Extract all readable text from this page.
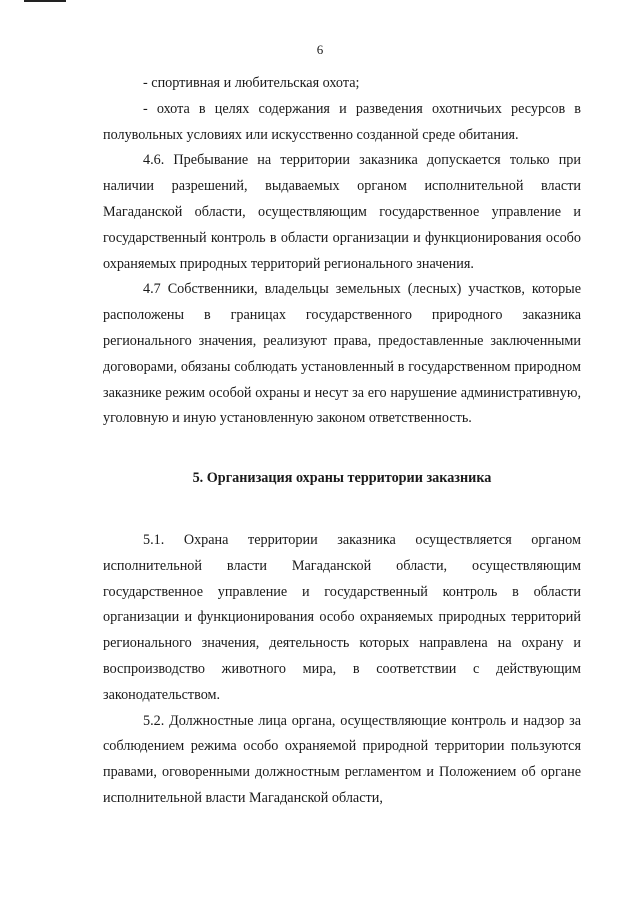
6

- спортивная и любительская охота;

- охота в целях содержания и разведения охотничьих ресурсов в полувольных условиях или искусственно созданной среде обитания.

4.6. Пребывание на территории заказника допускается только при наличии разрешений, выдаваемых органом исполнительной власти Магаданской области, осуществляющим государственное управление и государственный контроль в области организации и функционирования особо охраняемых природных территорий регионального значения.

4.7 Собственники, владельцы земельных (лесных) участков, которые расположены в границах государственного природного заказника регионального значения, реализуют права, предоставленные заключенными договорами, обязаны соблюдать установленный в государственном природном заказнике режим особой охраны и несут за его нарушение административную, уголовную и иную установленную законом ответственность.

5. Организация охраны территории заказника

5.1. Охрана территории заказника осуществляется органом исполнительной власти Магаданской области, осуществляющим государственное управление и государственный контроль в области организации и функционирования особо охраняемых природных территорий регионального значения, деятельность которых направлена на охрану и воспроизводство животного мира, в соответствии с действующим законодательством.

5.2. Должностные лица органа, осуществляющие контроль и надзор за соблюдением режима особо охраняемой природной территории пользуются правами, оговоренными должностным регламентом и Положением об органе исполнительной власти Магаданской области,
